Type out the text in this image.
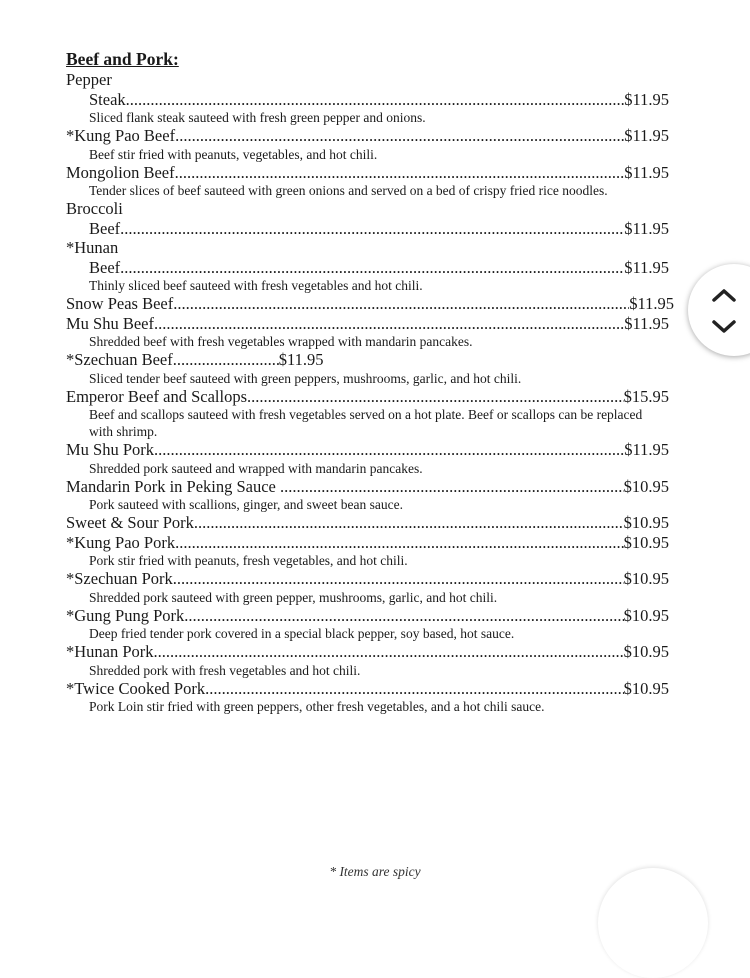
Beef and Pork:
Pepper
Steak .....	$11.95
Sliced flank steak sauteed with fresh green pepper and onions.
*Kung Pao Beef .....	$11.95
Beef stir fried with peanuts, vegetables, and hot chili.
Mongolion Beef .....	$11.95
Tender slices of beef sauteed with green onions and served on a bed of crispy fried rice noodles.
Broccoli
Beef .....	$11.95
*Hunan
Beef .....	$11.95
Thinly sliced beef sauteed with fresh vegetables and hot chili.
Snow Peas Beef .....	$11.95
Mu Shu Beef .....	$11.95
Shredded beef with fresh vegetables wrapped with mandarin pancakes.
*Szechuan Beef .....	$11.95
Sliced tender beef sauteed with green peppers, mushrooms, garlic, and hot chili.
Emperor Beef and Scallops .....	$15.95
Beef and scallops sauteed with fresh vegetables served on a hot plate. Beef or scallops can be replaced with shrimp.
Mu Shu Pork .....	$11.95
Shredded pork sauteed and wrapped with mandarin pancakes.
Mandarin Pork in Peking Sauce .....	$10.95
Pork sauteed with scallions, ginger, and sweet bean sauce.
Sweet & Sour Pork .....	$10.95
*Kung Pao Pork .....	$10.95
Pork stir fried with peanuts, fresh vegetables, and hot chili.
*Szechuan Pork .....	$10.95
Shredded pork sauteed with green pepper, mushrooms, garlic, and hot chili.
*Gung Pung Pork .....	$10.95
Deep fried tender pork covered in a special black pepper, soy based, hot sauce.
*Hunan Pork .....	$10.95
Shredded pork with fresh vegetables and hot chili.
*Twice Cooked Pork .....	$10.95
Pork Loin stir fried with green peppers, other fresh vegetables, and a hot chili sauce.
* Items are spicy
